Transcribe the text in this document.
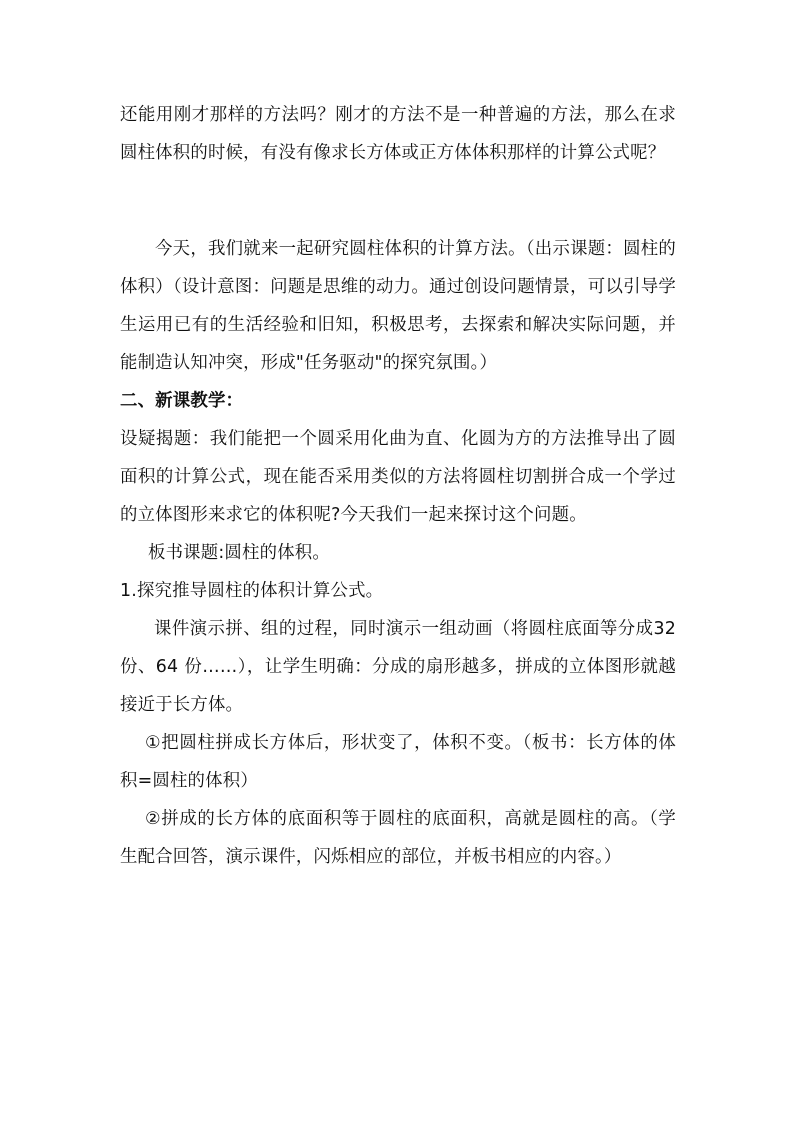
还能用刚才那样的方法吗？刚才的方法不是一种普遍的方法，那么在求圆柱体积的时候，有没有像求长方体或正方体体积那样的计算公式呢？

今天，我们就来一起研究圆柱体积的计算方法。（出示课题：圆柱的体积）（设计意图：问题是思维的动力。通过创设问题情景，可以引导学生运用已有的生活经验和旧知，积极思考，去探索和解决实际问题，并能制造认知冲突，形成"任务驱动"的探究氛围。）

二、新课教学：

设疑揭题：我们能把一个圆采用化曲为直、化圆为方的方法推导出了圆面积的计算公式，现在能否采用类似的方法将圆柱切割拼合成一个学过的立体图形来求它的体积呢?今天我们一起来探讨这个问题。

板书课题:圆柱的体积。

1.探究推导圆柱的体积计算公式。

课件演示拼、组的过程，同时演示一组动画（将圆柱底面等分成32 份、64 份……），让学生明确：分成的扇形越多，拼成的立体图形就越接近于长方体。

①把圆柱拼成长方体后，形状变了，体积不变。（板书：长方体的体积=圆柱的体积）

②拼成的长方体的底面积等于圆柱的底面积，高就是圆柱的高。（学生配合回答，演示课件，闪烁相应的部位，并板书相应的内容。）
